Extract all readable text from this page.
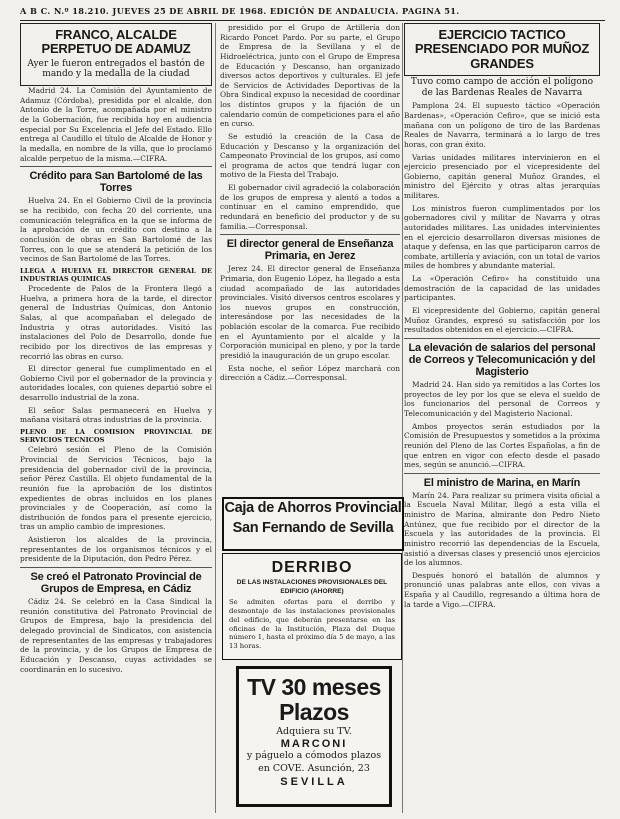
A B C. N.º 18.210. JUEVES 25 DE ABRIL DE 1968. EDICIÓN DE ANDALUCIA. PAGINA 51.
FRANCO, ALCALDE PERPETUO DE ADAMUZ
Ayer le fueron entregados el bastón de mando y la medalla de la ciudad

Madrid 24. La Comisión del Ayuntamiento de Adamuz (Córdoba), presidida por el alcalde, don Antonio de la Torre, acompañada por el ministro de la Gobernación, fue recibida hoy en audiencia especial por Su Excelencia el Jefe del Estado. Ello entrega al Caudillo el título de Alcalde de Honor y la medalla, en nombre de la villa, que lo proclamó alcalde perpetuo de la misma.—CIFRA.

Crédito para San Bartolomé de las Torres

Huelva 24. En el Gobierno Civil de la provincia se ha recibido, con fecha 20 del corriente, una comunicación telegráfica en la que se informa de la aprobación de un crédito con destino a la conclusión de obras en San Bartolomé de las Torres, con lo que se atenderá la petición de los vecinos de San Bartolomé de las Torres.

LLEGA A HUELVA EL DIRECTOR GENERAL DE INDUSTRIAS QUIMICAS

Procedente de Palos de la Frontera llegó a Huelva, a primera hora de la tarde, el director general de Industrias Químicas, don Antonio Salas, al que acompañaban el delegado de Industria y otras autoridades. Visitó las instalaciones del Polo de Desarrollo, donde fue recibido por los directivos de las empresas y recorrió las obras en curso.

El director general fue cumplimentado en el Gobierno Civil por el gobernador de la provincia y autoridades locales, con quienes departió sobre el desarrollo industrial de la zona.

El señor Salas permanecerá en Huelva y mañana visitará otras industrias de la provincia.

PLENO DE LA COMISION PROVINCIAL DE SERVICIOS TECNICOS

Celebró sesión el Pleno de la Comisión Provincial de Servicios Técnicos, bajo la presidencia del gobernador civil de la provincia, señor Pérez Castilla. El objeto fundamental de la reunión fue la aprobación de los distintos expedientes de obras incluidos en los planes provinciales y de Cooperación, así como la distribución de fondos para el presente ejercicio, tras un amplio cambio de impresiones.

Asistieron los alcaldes de la provincia, representantes de los organismos técnicos y el presidente de la Diputación, don Pedro Pérez.

Se creó el Patronato Provincial de Grupos de Empresa, en Cádiz

Cádiz 24. Se celebró en la Casa Sindical la reunión constitutiva del Patronato Provincial de Grupos de Empresa, bajo la presidencia del delegado provincial de Sindicatos, con asistencia de representantes de las empresas y trabajadores de la provincia, y de los Grupos de Empresa de Educación y Descanso, cuyas actividades se coordinarán en lo sucesivo.

presidido por el Grupo de Artillería don Ricardo Poncet Pardo. Por su parte, el Grupo de Empresa de la Sevillana y el de Hidroeléctrica, junto con el Grupo de Empresa de Educación y Descanso, han organizado diversos actos deportivos y culturales. El jefe de Servicios de Actividades Deportivas de la Obra Sindical expuso la necesidad de coordinar los distintos grupos y la fijación de un calendario común de competiciones para el año en curso.

Se estudió la creación de la Casa de Educación y Descanso y la organización del Campeonato Provincial de los grupos, así como el programa de actos que tendrá lugar con motivo de la Fiesta del Trabajo.

El gobernador civil agradeció la colaboración de los grupos de empresa y alentó a todos a continuar en el camino emprendido, que redundará en beneficio del productor y de su familia.—Corresponsal.

El director general de Enseñanza Primaria, en Jerez

Jerez 24. El director general de Enseñanza Primaria, don Eugenio López, ha llegado a esta ciudad acompañado de las autoridades provinciales. Visitó diversos centros escolares y los nuevos grupos en construcción, interesándose por las necesidades de la población escolar de la comarca. Fue recibido en el Ayuntamiento por el alcalde y la Corporación municipal en pleno, y por la tarde presidió la inauguración de un grupo escolar.

Esta noche, el señor López marchará con dirección a Cádiz.—Corresponsal.

Caja de Ahorros Provincial
San Fernando de Sevilla
DERRIBO
DE LAS INSTALACIONES PROVISIONALES DEL EDIFICIO (AHORRE)
Se admiten ofertas para el derribo y desmontaje de las instalaciones provisionales del edificio, que deberán presentarse en las oficinas de la Institución, Plaza del Duque número 1, hasta el próximo día 5 de mayo, a las 13 horas.
TV 30 meses Plazos
Adquiera su TV.
MARCONI
y páguelo a cómodos plazos
en COVE. Asunción, 23
SEVILLA
EJERCICIO TACTICO PRESENCIADO POR MUÑOZ GRANDES
Tuvo como campo de acción el polígono de las Bardenas Reales de Navarra

Pamplona 24. El supuesto táctico «Operación Bardenas», «Operación Cefiro», que se inició esta mañana con un polígono de tiro de las Bardenas Reales de Navarra, terminará a lo largo de tres horas, con gran éxito.

Varias unidades militares intervinieron en el ejercicio presenciado por el vicepresidente del Gobierno, capitán general Muñoz Grandes, el ministro del Ejército y otras altas jerarquías militares.

Los ministros fueron cumplimentados por los gobernadores civil y militar de Navarra y otras autoridades militares. Las unidades intervinientes en el ejercicio desarrollaron diversas misiones de ataque y defensa, en las que participaron carros de combate, artillería y aviación, con un total de varios miles de hombres y abundante material.

La «Operación Cefiro» ha constituido una demostración de la capacidad de las unidades participantes.

El vicepresidente del Gobierno, capitán general Muñoz Grandes, expresó su satisfacción por los resultados obtenidos en el ejercicio.—CIFRA.

La elevación de salarios del personal de Correos y Telecomunicación y del Magisterio

Madrid 24. Han sido ya remitidos a las Cortes los proyectos de ley por los que se eleva el sueldo de los funcionarios del personal de Correos y Telecomunicación y del Magisterio Nacional.

Ambos proyectos serán estudiados por la Comisión de Presupuestos y sometidos a la próxima reunión del Pleno de las Cortes Españolas, a fin de que entren en vigor con efecto desde el pasado mes, según se anunció.—CIFRA.

El ministro de Marina, en Marín

Marín 24. Para realizar su primera visita oficial a la Escuela Naval Militar, llegó a esta villa el ministro de Marina, almirante don Pedro Nieto Antúnez, que fue recibido por el director de la Escuela y las autoridades de la provincia. El ministro recorrió las dependencias de la Escuela, asistió a diversas clases y presenció unos ejercicios de los alumnos.

Después honoró el batallón de alumnos y pronunció unas palabras ante ellos, con vivas a España y al Caudillo, regresando a última hora de la tarde a Vigo.—CIFRA.
